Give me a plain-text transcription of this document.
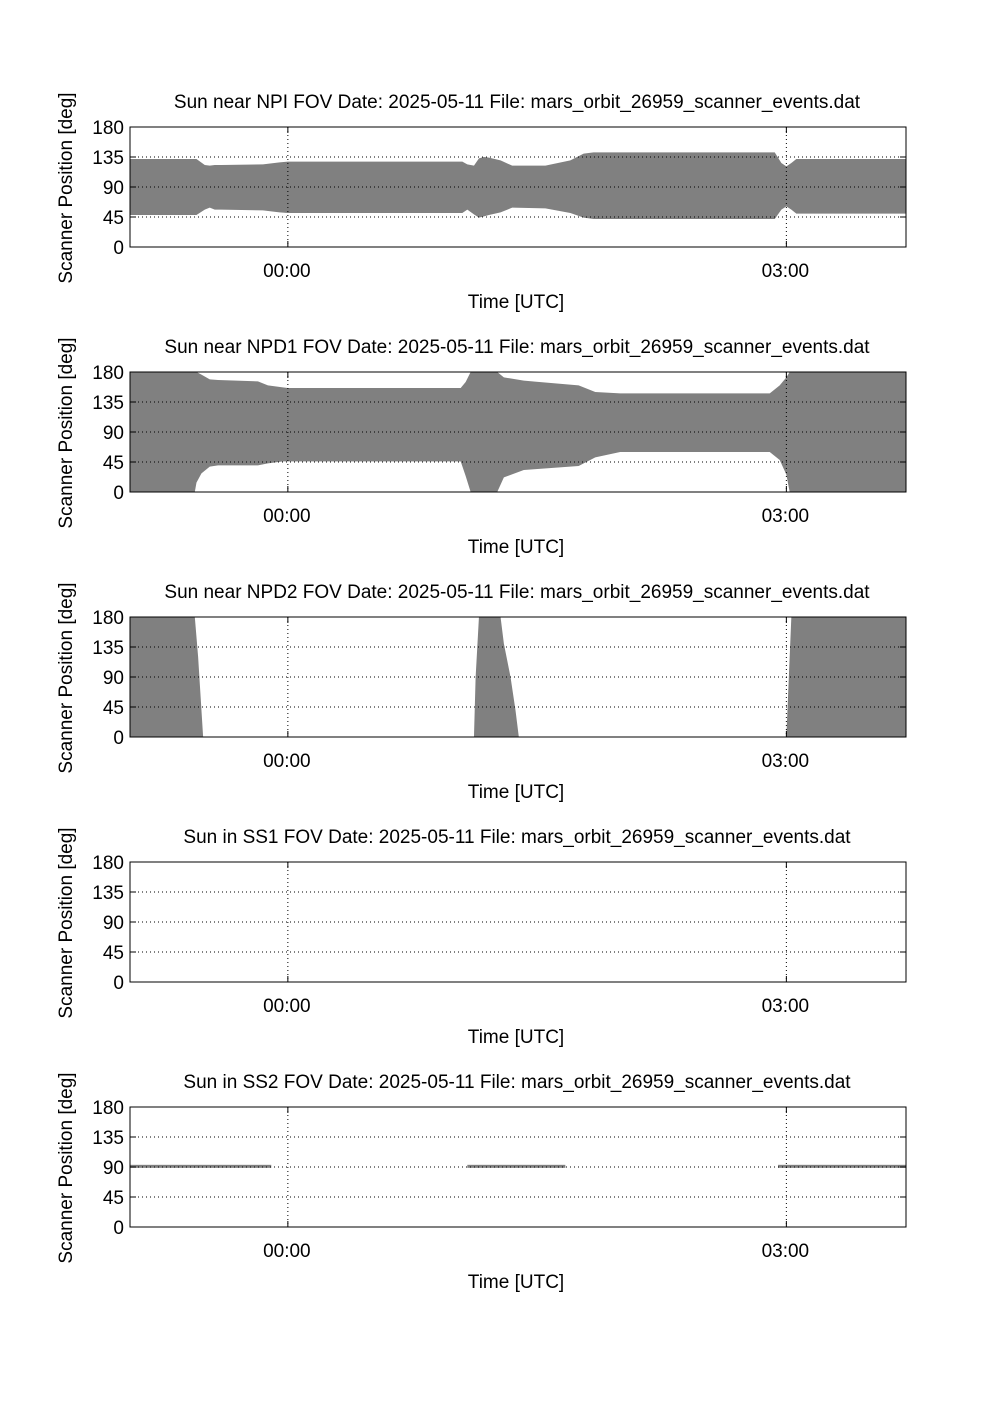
Sun near NPI FOV Date: 2025-05-11 File: mars_orbit_26959_scanner_events.dat
Scanner Position [deg] 0
45
90
135
180
00:00	03:00
Time [UTC]
Sun near NPD1 FOV Date: 2025-05-11 File: mars_orbit_26959_scanner_events.dat
Scanner Position [deg] 0
45
90
135
180
00:00	03:00
Time [UTC]
Sun near NPD2 FOV Date: 2025-05-11 File: mars_orbit_26959_scanner_events.dat
Scanner Position [deg] 0
45
90
135
180
00:00	03:00
Time [UTC]
Sun in SS1 FOV Date: 2025-05-11 File: mars_orbit_26959_scanner_events.dat
Scanner Position [deg] 0
45
90
135
180
00:00	03:00
Time [UTC]
Sun in SS2 FOV Date: 2025-05-11 File: mars_orbit_26959_scanner_events.dat
Scanner Position [deg] 0
45
90
135
180
00:00	03:00
Time [UTC]
